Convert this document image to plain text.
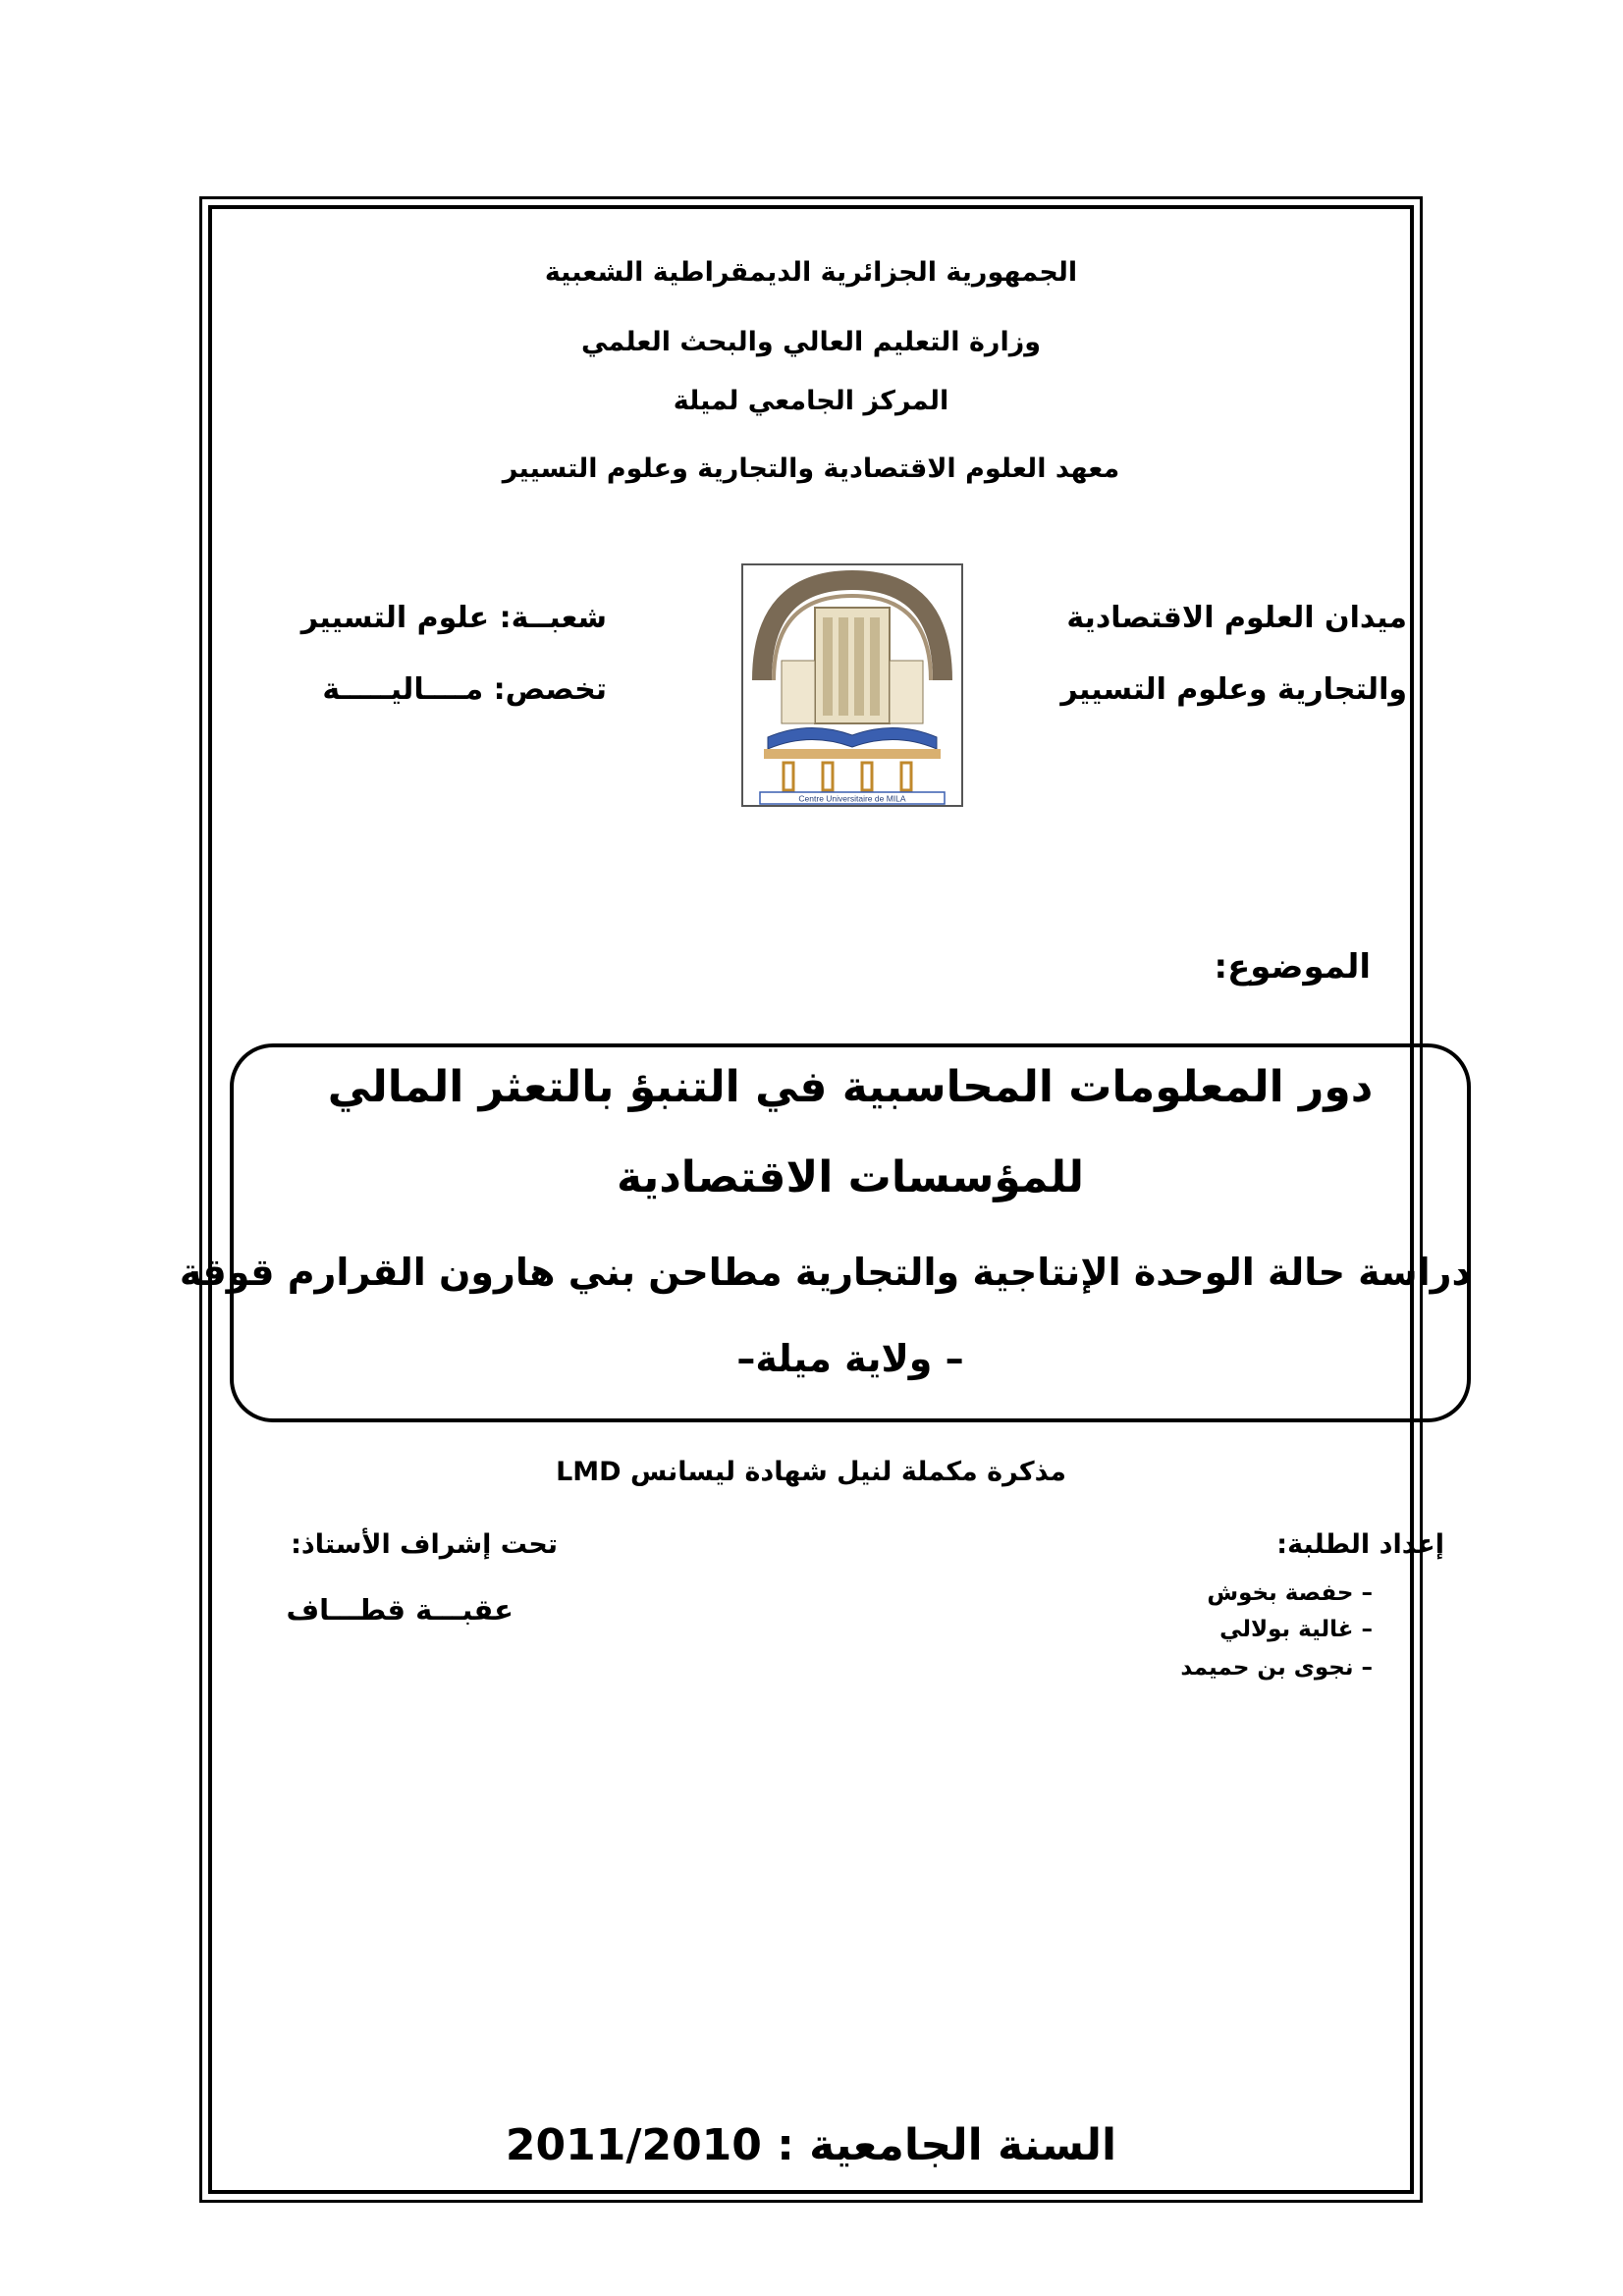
الجمهورية الجزائرية الديمقراطية الشعبية
وزارة التعليم العالي والبحث العلمي
المركز الجامعي لميلة
معهد العلوم الاقتصادية والتجارية وعلوم التسيير
ميدان العلوم الاقتصادية
والتجارية وعلوم التسيير
شعبــة: علوم التسيير
تخصص: مــــاليـــــة
Centre Universitaire de MILA
الموضوع:
دور المعلومات المحاسبية في التنبؤ بالتعثر المالي
للمؤسسات الاقتصادية
دراسة حالة الوحدة الإنتاجية والتجارية مطاحن بني هارون القرارم قوقة
– ولاية ميلة–
مذكرة مكملة لنيل شهادة ليسانس LMD
إعداد الطلبة:
– حفصة بخوش
– غالية بولالي
– نجوى بن حميمد
تحت إشراف الأستاذ:
عقبـــة قطـــاف
السنة الجامعية : 2011/2010
